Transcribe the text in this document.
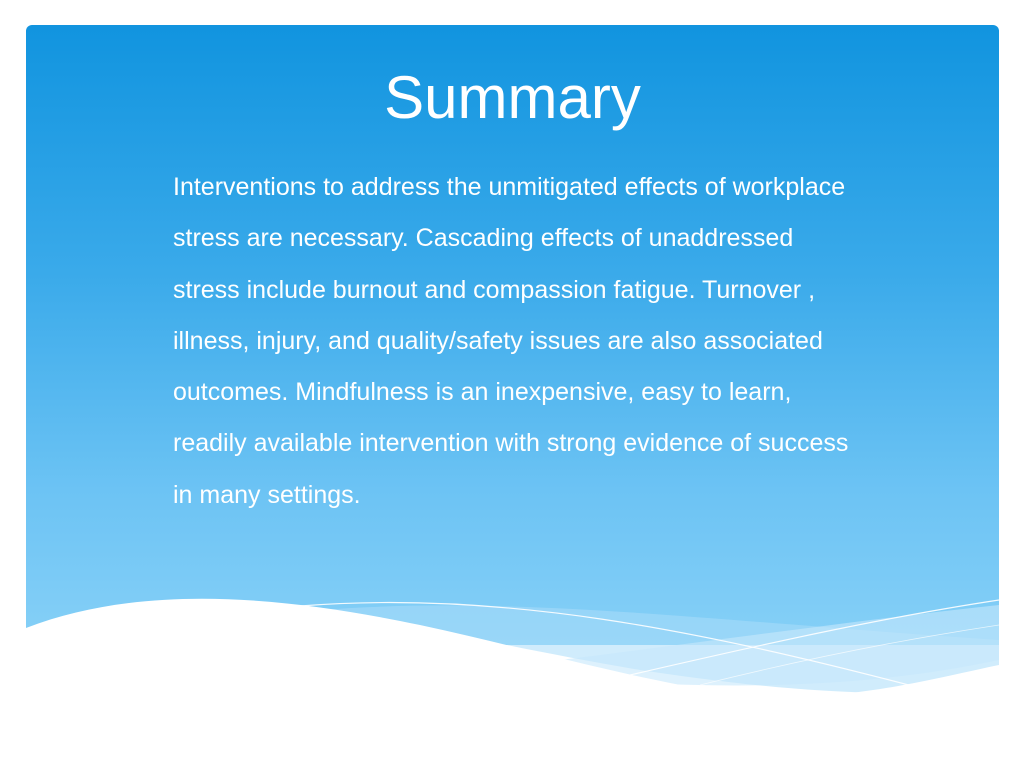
Summary

Interventions to address the unmitigated effects of workplace stress are necessary. Cascading effects of unaddressed stress include burnout and compassion fatigue. Turnover , illness, injury, and quality/safety issues are also associated outcomes. Mindfulness is an inexpensive, easy to learn, readily available intervention with strong evidence of success in many settings.
